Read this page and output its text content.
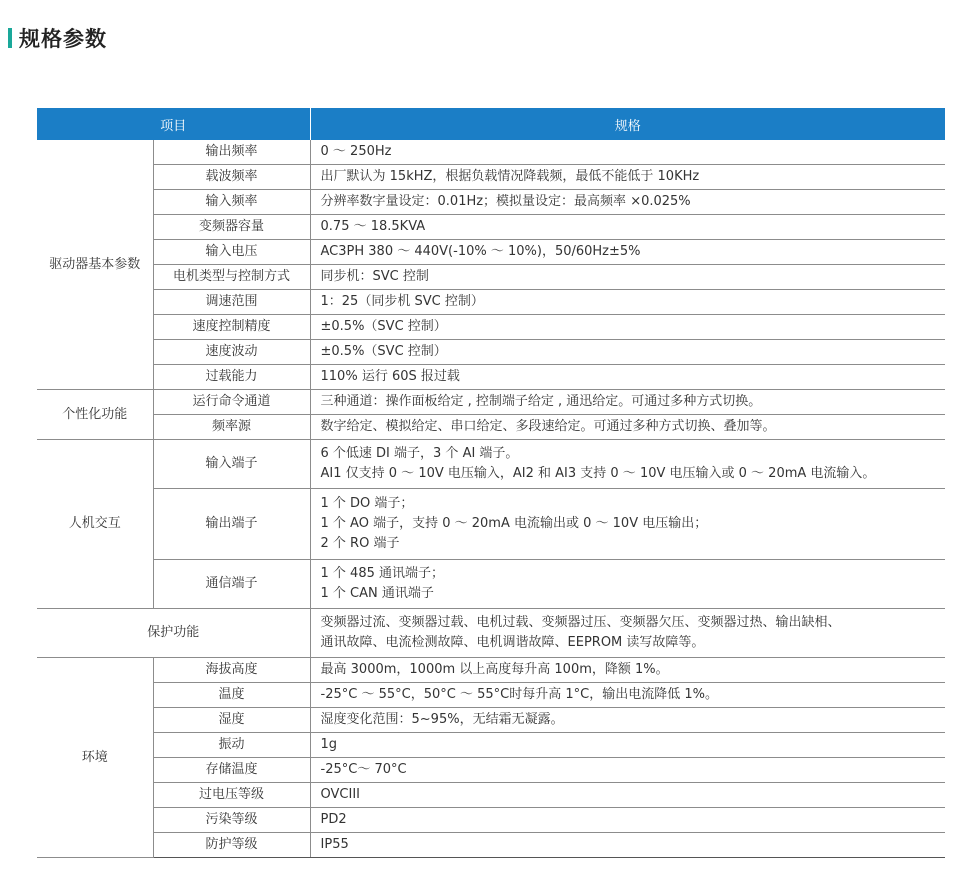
规格参数
项目		规格
驱动器基本参数	输出频率	0 ～ 250Hz

	载波频率	出厂默认为 15kHZ，根据负载情况降载频，最低不能低于 10KHz

	输入频率	分辨率数字量设定：0.01Hz；模拟量设定：最高频率 ×0.025%

	变频器容量	0.75 ～ 18.5KVA

	输入电压	AC3PH 380 ～ 440V(-10% ～ 10%)，50/60Hz±5%

	电机类型与控制方式	同步机：SVC 控制

	调速范围	1：25（同步机 SVC 控制）

	速度控制精度	±0.5%（SVC 控制）

	速度波动	±0.5%（SVC 控制）

	过载能力	110% 运行 60S 报过载

个性化功能	运行命令通道	三种通道：操作面板给定 , 控制端子给定 , 通迅给定。可通过多种方式切换。

	频率源	数字给定、模拟给定、串口给定、多段速给定。可通过多种方式切换、叠加等。

人机交互	输入端子	6 个低速 DI 端子，3 个 AI 端子。
AI1 仅支持 0 ～ 10V 电压输入，AI2 和 AI3 支持 0 ～ 10V 电压输入或 0 ～ 20mA 电流输入。

	输出端子	1 个 DO 端子；
1 个 AO 端子，支持 0 ～ 20mA 电流输出或 0 ～ 10V 电压输出；
2 个 RO 端子

	通信端子	1 个 485 通讯端子；
1 个 CAN 通讯端子

保护功能		变频器过流、变频器过载、电机过载、变频器过压、变频器欠压、变频器过热、输出缺相、
通讯故障、电流检测故障、电机调谐故障、EEPROM 读写故障等。

环境	海拔高度	最高 3000m，1000m 以上高度每升高 100m，降额 1%。

	温度	-25°C ～ 55°C，50°C ～ 55°C时每升高 1°C，输出电流降低 1%。

	湿度	湿度变化范围：5~95%，无结霜无凝露。

	振动	1g

	存储温度	-25°C～ 70°C

	过电压等级	OVCIII

	污染等级	PD2

	防护等级	IP55
